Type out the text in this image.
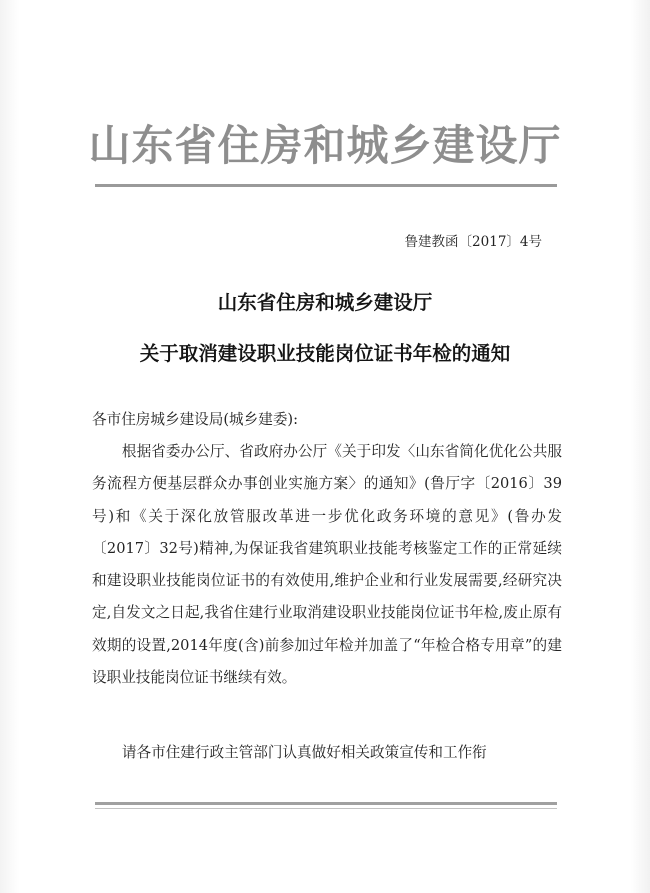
山东省住房和城乡建设厅
鲁建教函〔2017〕4号
山东省住房和城乡建设厅
关于取消建设职业技能岗位证书年检的通知
各市住房城乡建设局(城乡建委):
根据省委办公厅、省政府办公厅《关于印发〈山东省简化优化公共服务流程方便基层群众办事创业实施方案〉的通知》(鲁厅字〔2016〕39号)和《关于深化放管服改革进一步优化政务环境的意见》(鲁办发〔2017〕32号)精神,为保证我省建筑职业技能考核鉴定工作的正常延续和建设职业技能岗位证书的有效使用,维护企业和行业发展需要,经研究决定,自发文之日起,我省住建行业取消建设职业技能岗位证书年检,废止原有效期的设置,2014年度(含)前参加过年检并加盖了“年检合格专用章”的建设职业技能岗位证书继续有效。
请各市住建行政主管部门认真做好相关政策宣传和工作衔
